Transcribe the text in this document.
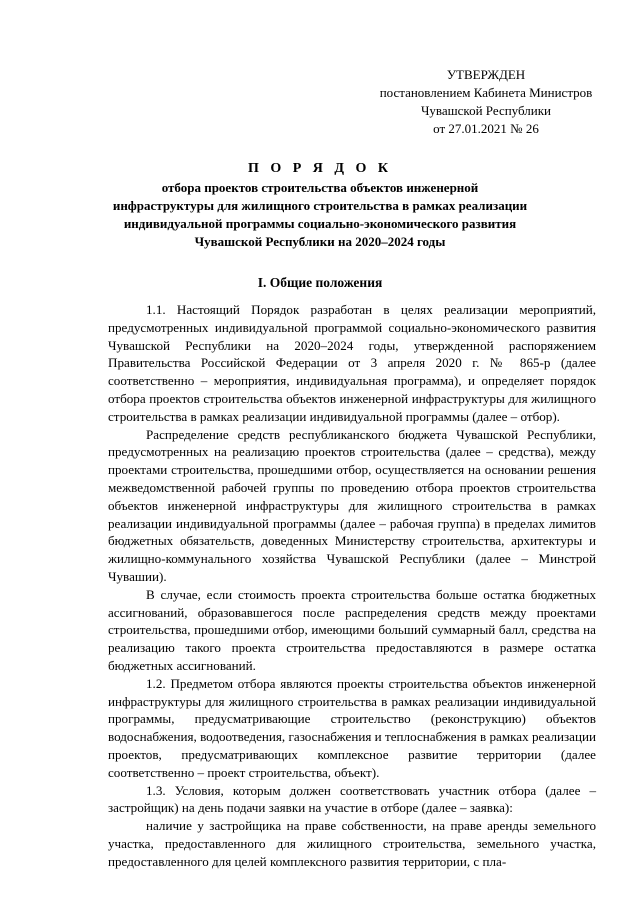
УТВЕРЖДЕН
постановлением Кабинета Министров
Чувашской Республики
от 27.01.2021 № 26
П О Р Я Д О К
отбора проектов строительства объектов инженерной
инфраструктуры для жилищного строительства в рамках реализации
индивидуальной программы социально-экономического развития
Чувашской Республики на 2020–2024 годы
I. Общие положения

1.1. Настоящий Порядок разработан в целях реализации мероприятий, предусмотренных индивидуальной программой социально-экономического развития Чувашской Республики на 2020–2024 годы, утвержденной распоряжением Правительства Российской Федерации от 3 апреля 2020 г. № 865-р (далее соответственно – мероприятия, индивидуальная программа), и определяет порядок отбора проектов строительства объектов инженерной инфраструктуры для жилищного строительства в рамках реализации индивидуальной программы (далее – отбор).

Распределение средств республиканского бюджета Чувашской Республики, предусмотренных на реализацию проектов строительства (далее – средства), между проектами строительства, прошедшими отбор, осуществляется на основании решения межведомственной рабочей группы по проведению отбора проектов строительства объектов инженерной инфраструктуры для жилищного строительства в рамках реализации индивидуальной программы (далее – рабочая группа) в пределах лимитов бюджетных обязательств, доведенных Министерству строительства, архитектуры и жилищно-коммунального хозяйства Чувашской Республики (далее – Минстрой Чувашии).

В случае, если стоимость проекта строительства больше остатка бюджетных ассигнований, образовавшегося после распределения средств между проектами строительства, прошедшими отбор, имеющими больший суммарный балл, средства на реализацию такого проекта строительства предоставляются в размере остатка бюджетных ассигнований.

1.2. Предметом отбора являются проекты строительства объектов инженерной инфраструктуры для жилищного строительства в рамках реализации индивидуальной программы, предусматривающие строительство (реконструкцию) объектов водоснабжения, водоотведения, газоснабжения и теплоснабжения в рамках реализации проектов, предусматривающих комплексное развитие территории (далее соответственно – проект строительства, объект).

1.3. Условия, которым должен соответствовать участник отбора (далее – застройщик) на день подачи заявки на участие в отборе (далее – заявка):

наличие у застройщика на праве собственности, на праве аренды земельного участка, предоставленного для жилищного строительства, земельного участка, предоставленного для целей комплексного развития территории, с пла-
